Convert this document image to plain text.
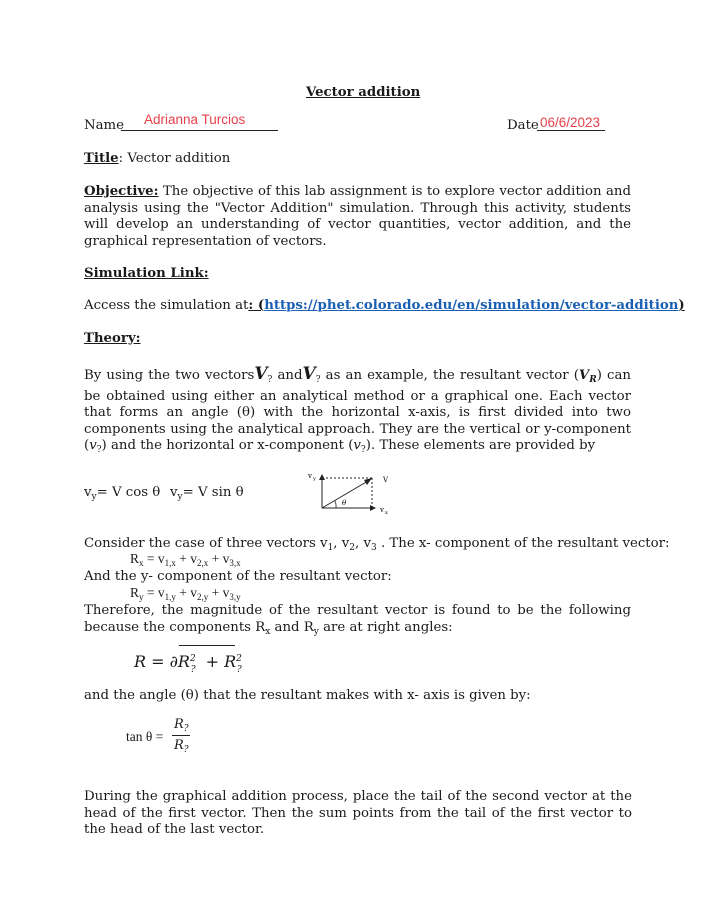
Vector addition
Name Adrianna Turcios	Date 06/6/2023
Title: Vector addition
Objective: The objective of this lab assignment is to explore vector addition and analysis using the "Vector Addition" simulation. Through this activity, students will develop an understanding of vector quantities, vector addition, and the graphical representation of vectors.
Simulation Link:
Access the simulation at: (https://phet.colorado.edu/en/simulation/vector-addition)
Theory:
By using the two vectorsV$_?$ andV$_?$ as an example, the resultant vector $(V_R)$ can be obtained using either an analytical method or a graphical one. Each vector that forms an angle (θ) with the horizontal x-axis, is first divided into two components using the analytical approach. They are the vertical or y-component $(v_?)$ and the horizontal or x-component $(v_?)$. These elements are provided by
$v_y= V$ cos θ $v_y= V$ sin θ
v y	V
θ
v x
Consider the case of three vectors $v_1$, $v_2$, $v_3$ . The x- component of the resultant vector:
$R_x = v_{1,x} + v_{2,x} + v_{3,x}$
And the y- component of the resultant vector:
$R_y = v_{1,y} + v_{2,y} + v_{3,y}$
Therefore, the magnitude of the resultant vector is found to be the following because the components $R_x$ and $R_y$ are at right angles:
$R = \partial R^2_? + R^2_?$
and the angle (θ) that the resultant makes with x- axis is given by:
tan θ =
$R_?$
$R_?$
During the graphical addition process, place the tail of the second vector at the head of the first vector. Then the sum points from the tail of the first vector to the head of the last vector.
